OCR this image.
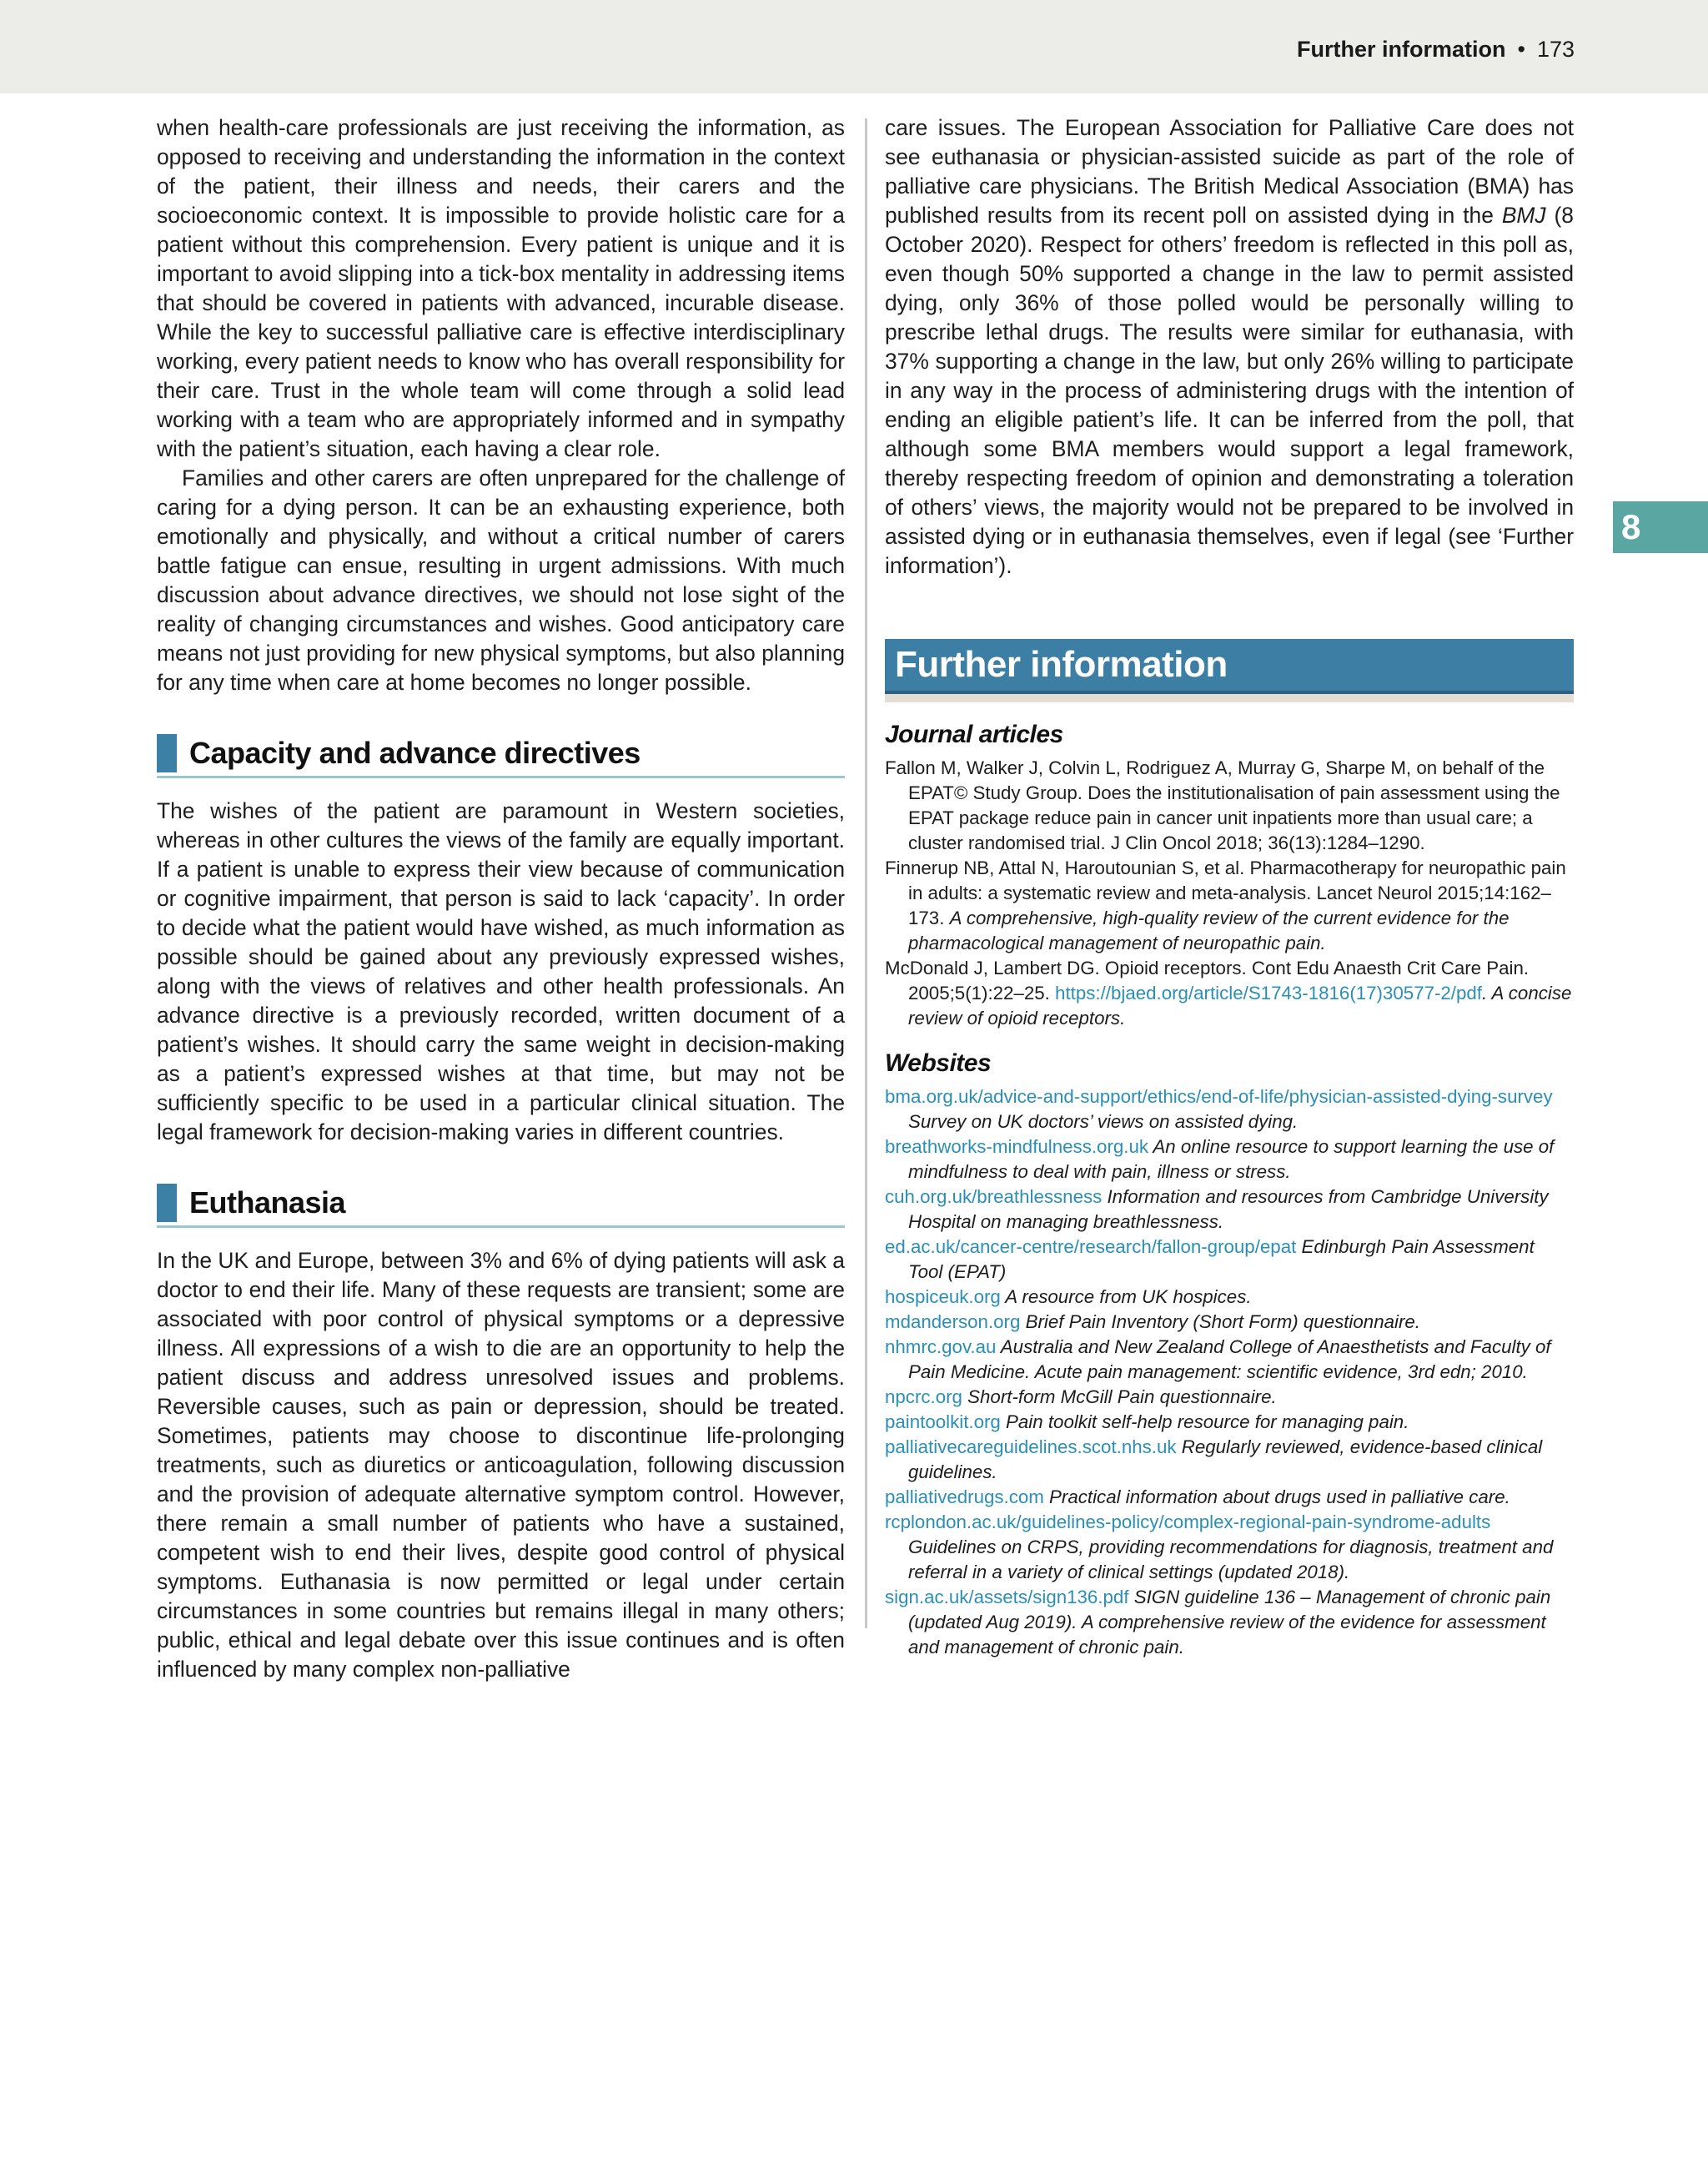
Further information • 173
8

when health-care professionals are just receiving the information, as opposed to receiving and understanding the information in the context of the patient, their illness and needs, their carers and the socioeconomic context. It is impossible to provide holistic care for a patient without this comprehension. Every patient is unique and it is important to avoid slipping into a tick-box mentality in addressing items that should be covered in patients with advanced, incurable disease. While the key to successful palliative care is effective interdisciplinary working, every patient needs to know who has overall responsibility for their care. Trust in the whole team will come through a solid lead working with a team who are appropriately informed and in sympathy with the patient’s situation, each having a clear role.

Families and other carers are often unprepared for the challenge of caring for a dying person. It can be an exhausting experience, both emotionally and physically, and without a critical number of carers battle fatigue can ensue, resulting in urgent admissions. With much discussion about advance directives, we should not lose sight of the reality of changing circumstances and wishes. Good anticipatory care means not just providing for new physical symptoms, but also planning for any time when care at home becomes no longer possible.

Capacity and advance directives

The wishes of the patient are paramount in Western societies, whereas in other cultures the views of the family are equally important. If a patient is unable to express their view because of communication or cognitive impairment, that person is said to lack ‘capacity’. In order to decide what the patient would have wished, as much information as possible should be gained about any previously expressed wishes, along with the views of relatives and other health professionals. An advance directive is a previously recorded, written document of a patient’s wishes. It should carry the same weight in decision-making as a patient’s expressed wishes at that time, but may not be sufficiently specific to be used in a particular clinical situation. The legal framework for decision-making varies in different countries.

Euthanasia

In the UK and Europe, between 3% and 6% of dying patients will ask a doctor to end their life. Many of these requests are transient; some are associated with poor control of physical symptoms or a depressive illness. All expressions of a wish to die are an opportunity to help the patient discuss and address unresolved issues and problems. Reversible causes, such as pain or depression, should be treated. Sometimes, patients may choose to discontinue life-prolonging treatments, such as diuretics or anticoagulation, following discussion and the provision of adequate alternative symptom control. However, there remain a small number of patients who have a sustained, competent wish to end their lives, despite good control of physical symptoms. Euthanasia is now permitted or legal under certain circumstances in some countries but remains illegal in many others; public, ethical and legal debate over this issue continues and is often influenced by many complex non-palliative

care issues. The European Association for Palliative Care does not see euthanasia or physician-assisted suicide as part of the role of palliative care physicians. The British Medical Association (BMA) has published results from its recent poll on assisted dying in the BMJ (8 October 2020). Respect for others’ freedom is reflected in this poll as, even though 50% supported a change in the law to permit assisted dying, only 36% of those polled would be personally willing to prescribe lethal drugs. The results were similar for euthanasia, with 37% supporting a change in the law, but only 26% willing to participate in any way in the process of administering drugs with the intention of ending an eligible patient’s life. It can be inferred from the poll, that although some BMA members would support a legal framework, thereby respecting freedom of opinion and demonstrating a toleration of others’ views, the majority would not be prepared to be involved in assisted dying or in euthanasia themselves, even if legal (see ‘Further information’).

Further information
Journal articles

Fallon M, Walker J, Colvin L, Rodriguez A, Murray G, Sharpe M, on behalf of the EPAT© Study Group. Does the institutionalisation of pain assessment using the EPAT package reduce pain in cancer unit inpatients more than usual care; a cluster randomised trial. J Clin Oncol 2018; 36(13):1284–1290.

Finnerup NB, Attal N, Haroutounian S, et al. Pharmacotherapy for neuropathic pain in adults: a systematic review and meta-analysis. Lancet Neurol 2015;14:162–173. A comprehensive, high-quality review of the current evidence for the pharmacological management of neuropathic pain.

McDonald J, Lambert DG. Opioid receptors. Cont Edu Anaesth Crit Care Pain. 2005;5(1):22–25. https://bjaed.org/article/S1743-1816(17)30577-2/pdf. A concise review of opioid receptors.

Websites

bma.org.uk/advice-and-support/ethics/end-of-life/physician-assisted-dying-survey Survey on UK doctors’ views on assisted dying.

breathworks-mindfulness.org.uk An online resource to support learning the use of mindfulness to deal with pain, illness or stress.

cuh.org.uk/breathlessness Information and resources from Cambridge University Hospital on managing breathlessness.

ed.ac.uk/cancer-centre/research/fallon-group/epat Edinburgh Pain Assessment Tool (EPAT)

hospiceuk.org A resource from UK hospices.

mdanderson.org Brief Pain Inventory (Short Form) questionnaire.

nhmrc.gov.au Australia and New Zealand College of Anaesthetists and Faculty of Pain Medicine. Acute pain management: scientific evidence, 3rd edn; 2010.

npcrc.org Short-form McGill Pain questionnaire.

paintoolkit.org Pain toolkit self-help resource for managing pain.

palliativecareguidelines.scot.nhs.uk Regularly reviewed, evidence-based clinical guidelines.

palliativedrugs.com Practical information about drugs used in palliative care.

rcplondon.ac.uk/guidelines-policy/complex-regional-pain-syndrome-adults Guidelines on CRPS, providing recommendations for diagnosis, treatment and referral in a variety of clinical settings (updated 2018).

sign.ac.uk/assets/sign136.pdf SIGN guideline 136 – Management of chronic pain (updated Aug 2019). A comprehensive review of the evidence for assessment and management of chronic pain.
